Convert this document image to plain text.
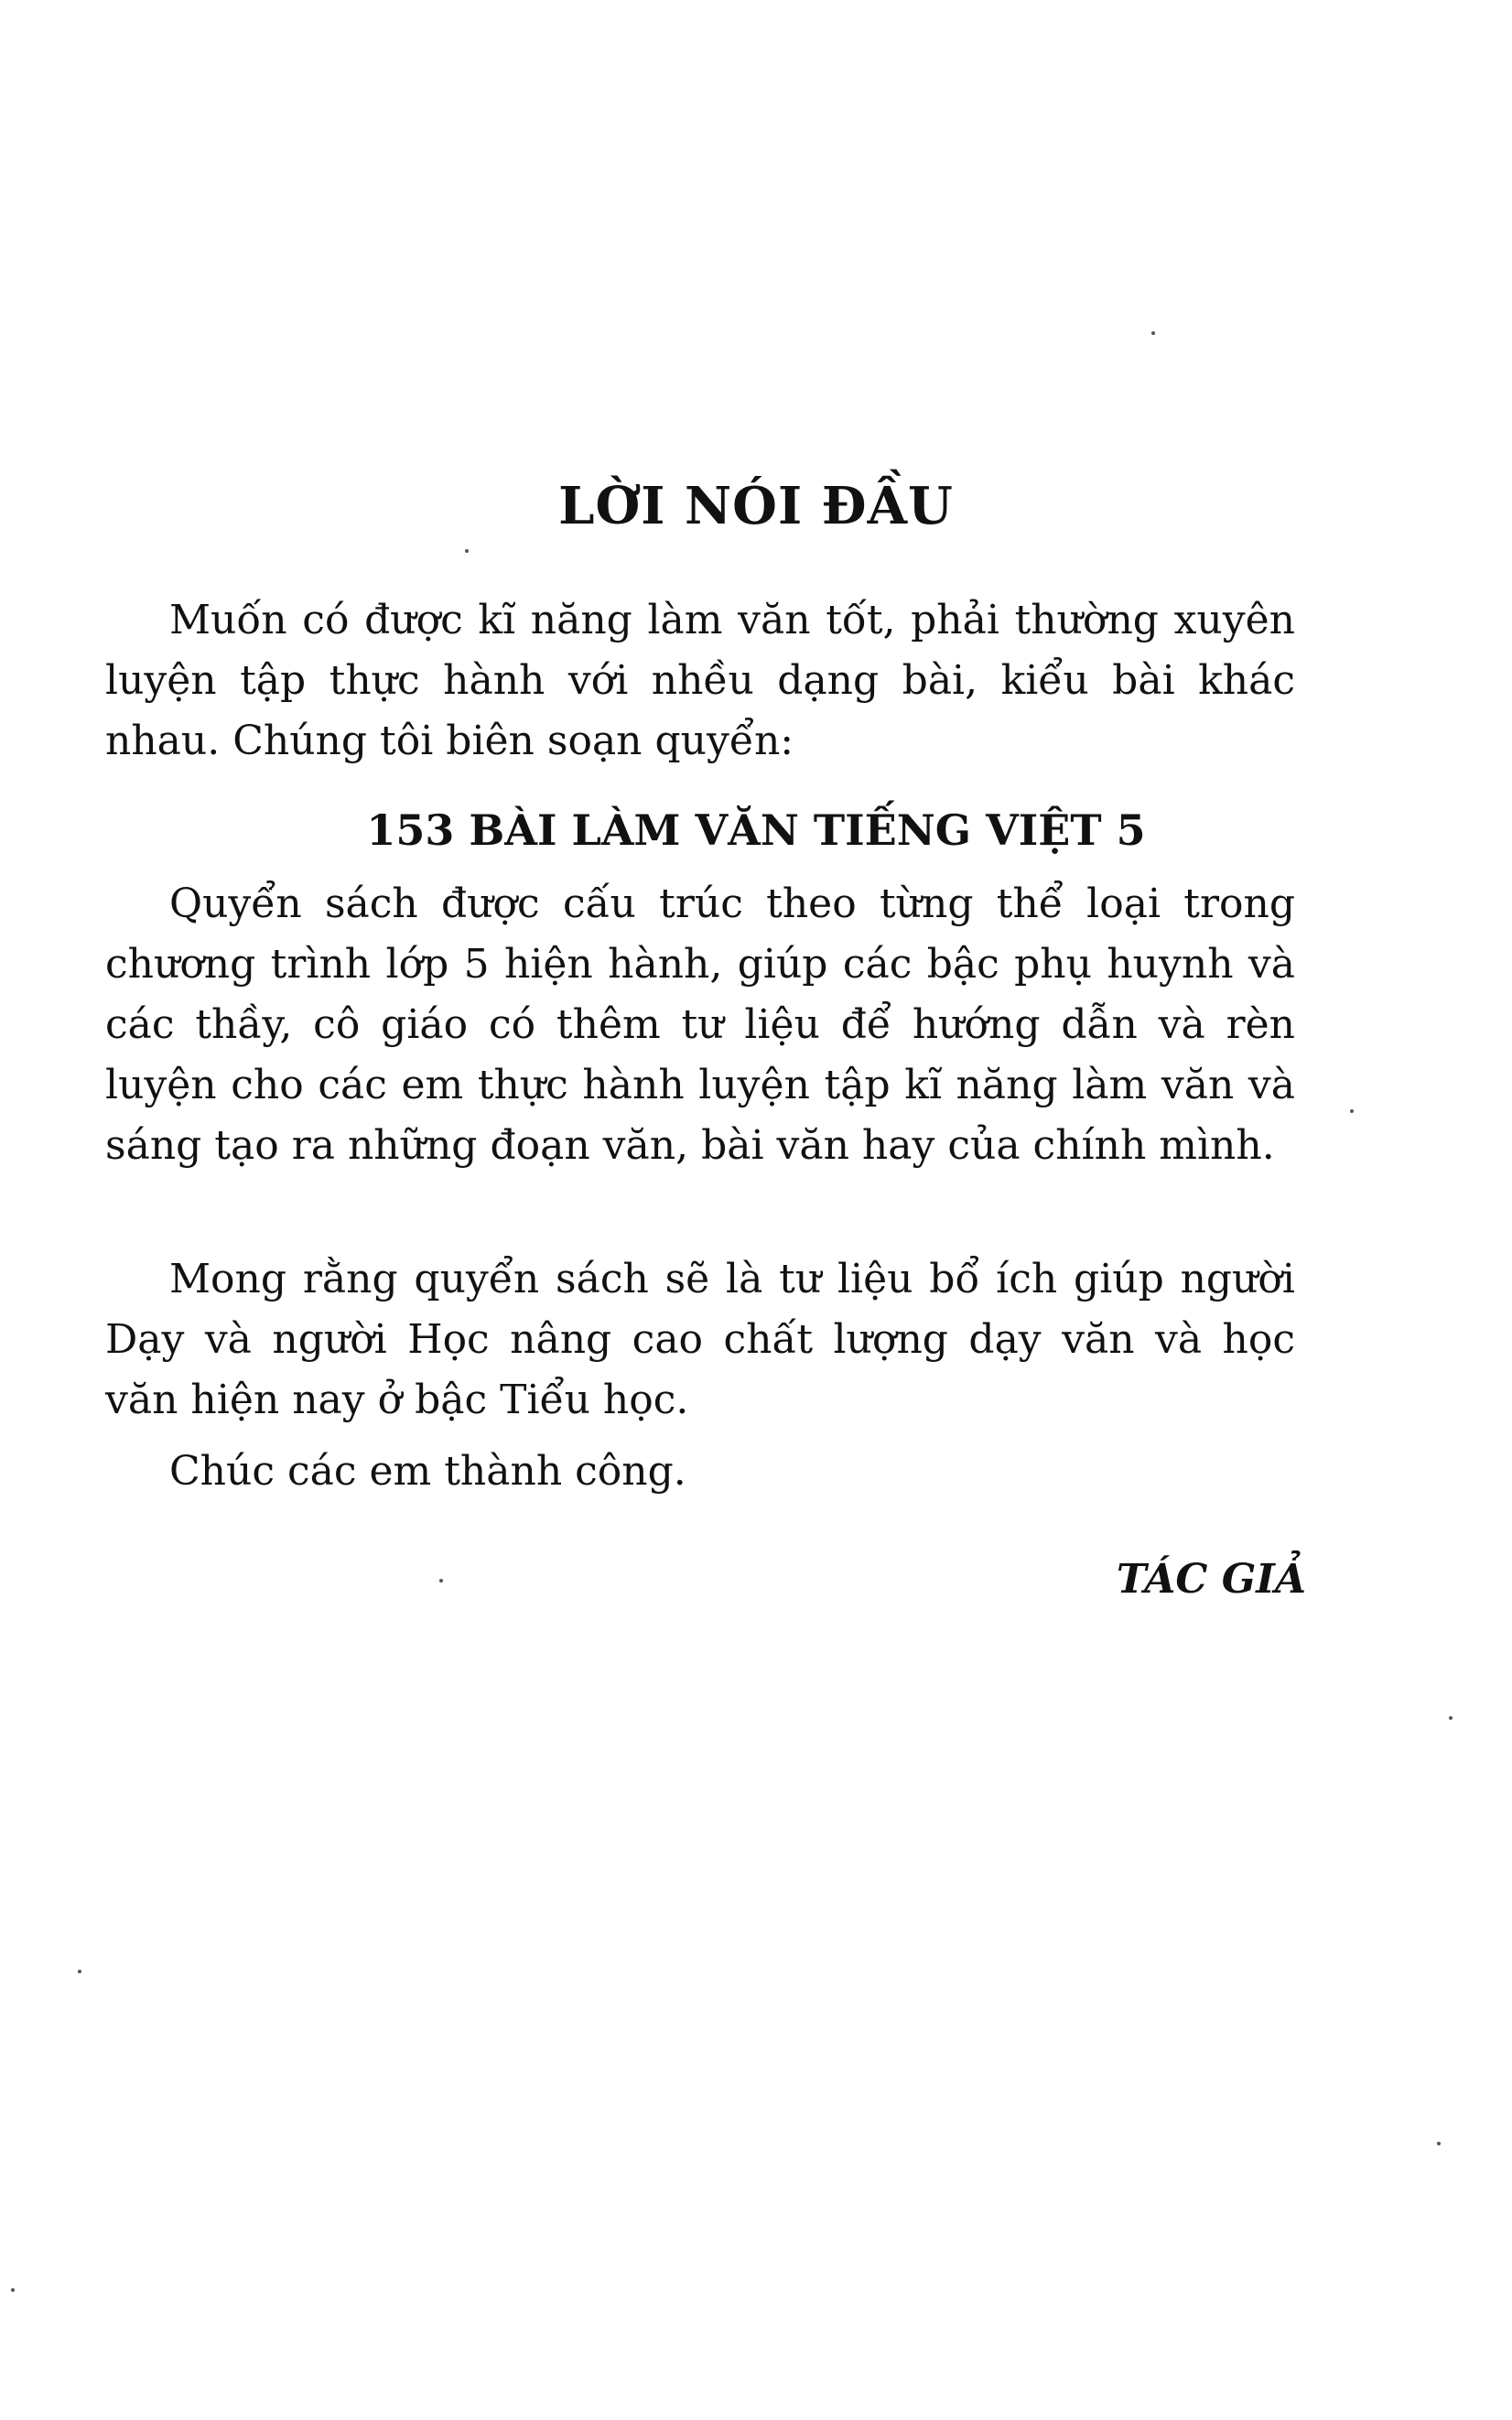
LỜI NÓI ĐẦU

Muốn có được kĩ năng làm văn tốt, phải thường xuyên luyện tập thực hành với nhều dạng bài, kiểu bài khác nhau. Chúng tôi biên soạn quyển:

153 BÀI LÀM VĂN TIẾNG VIỆT 5

Quyển sách được cấu trúc theo từng thể loại trong chương trình lớp 5 hiện hành, giúp các bậc phụ huynh và các thầy, cô giáo có thêm tư liệu để hướng dẫn và rèn luyện cho các em thực hành luyện tập kĩ năng làm văn và sáng tạo ra những đoạn văn, bài văn hay của chính mình.

Mong rằng quyển sách sẽ là tư liệu bổ ích giúp người Dạy và người Học nâng cao chất lượng dạy văn và học văn hiện nay ở bậc Tiểu học.

Chúc các em thành công.

TÁC GIẢ
